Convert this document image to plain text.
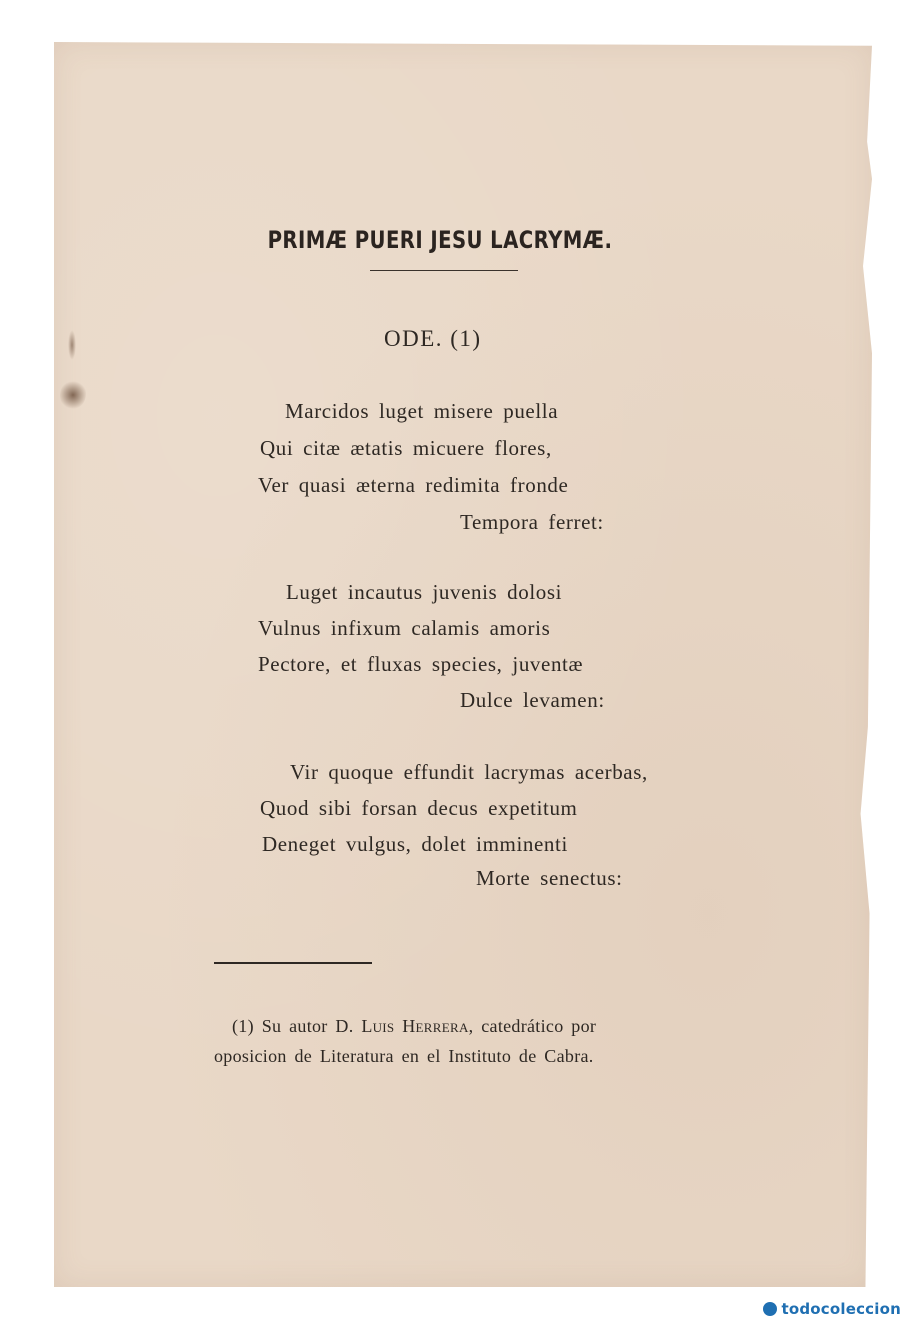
PRIMÆ PUERI JESU LACRYMÆ.
ODE. (1)
Marcidos luget misere puella
Qui citæ ætatis micuere flores,
Ver quasi æterna redimita fronde
Tempora ferret:
Luget incautus juvenis dolosi
Vulnus infixum calamis amoris
Pectore, et fluxas species, juventæ
Dulce levamen:
Vir quoque effundit lacrymas acerbas,
Quod sibi forsan decus expetitum
Deneget vulgus, dolet imminenti
Morte senectus:
(1) Su autor D. Luis Herrera, catedrático por
oposicion de Literatura en el Instituto de Cabra.
todocoleccion
